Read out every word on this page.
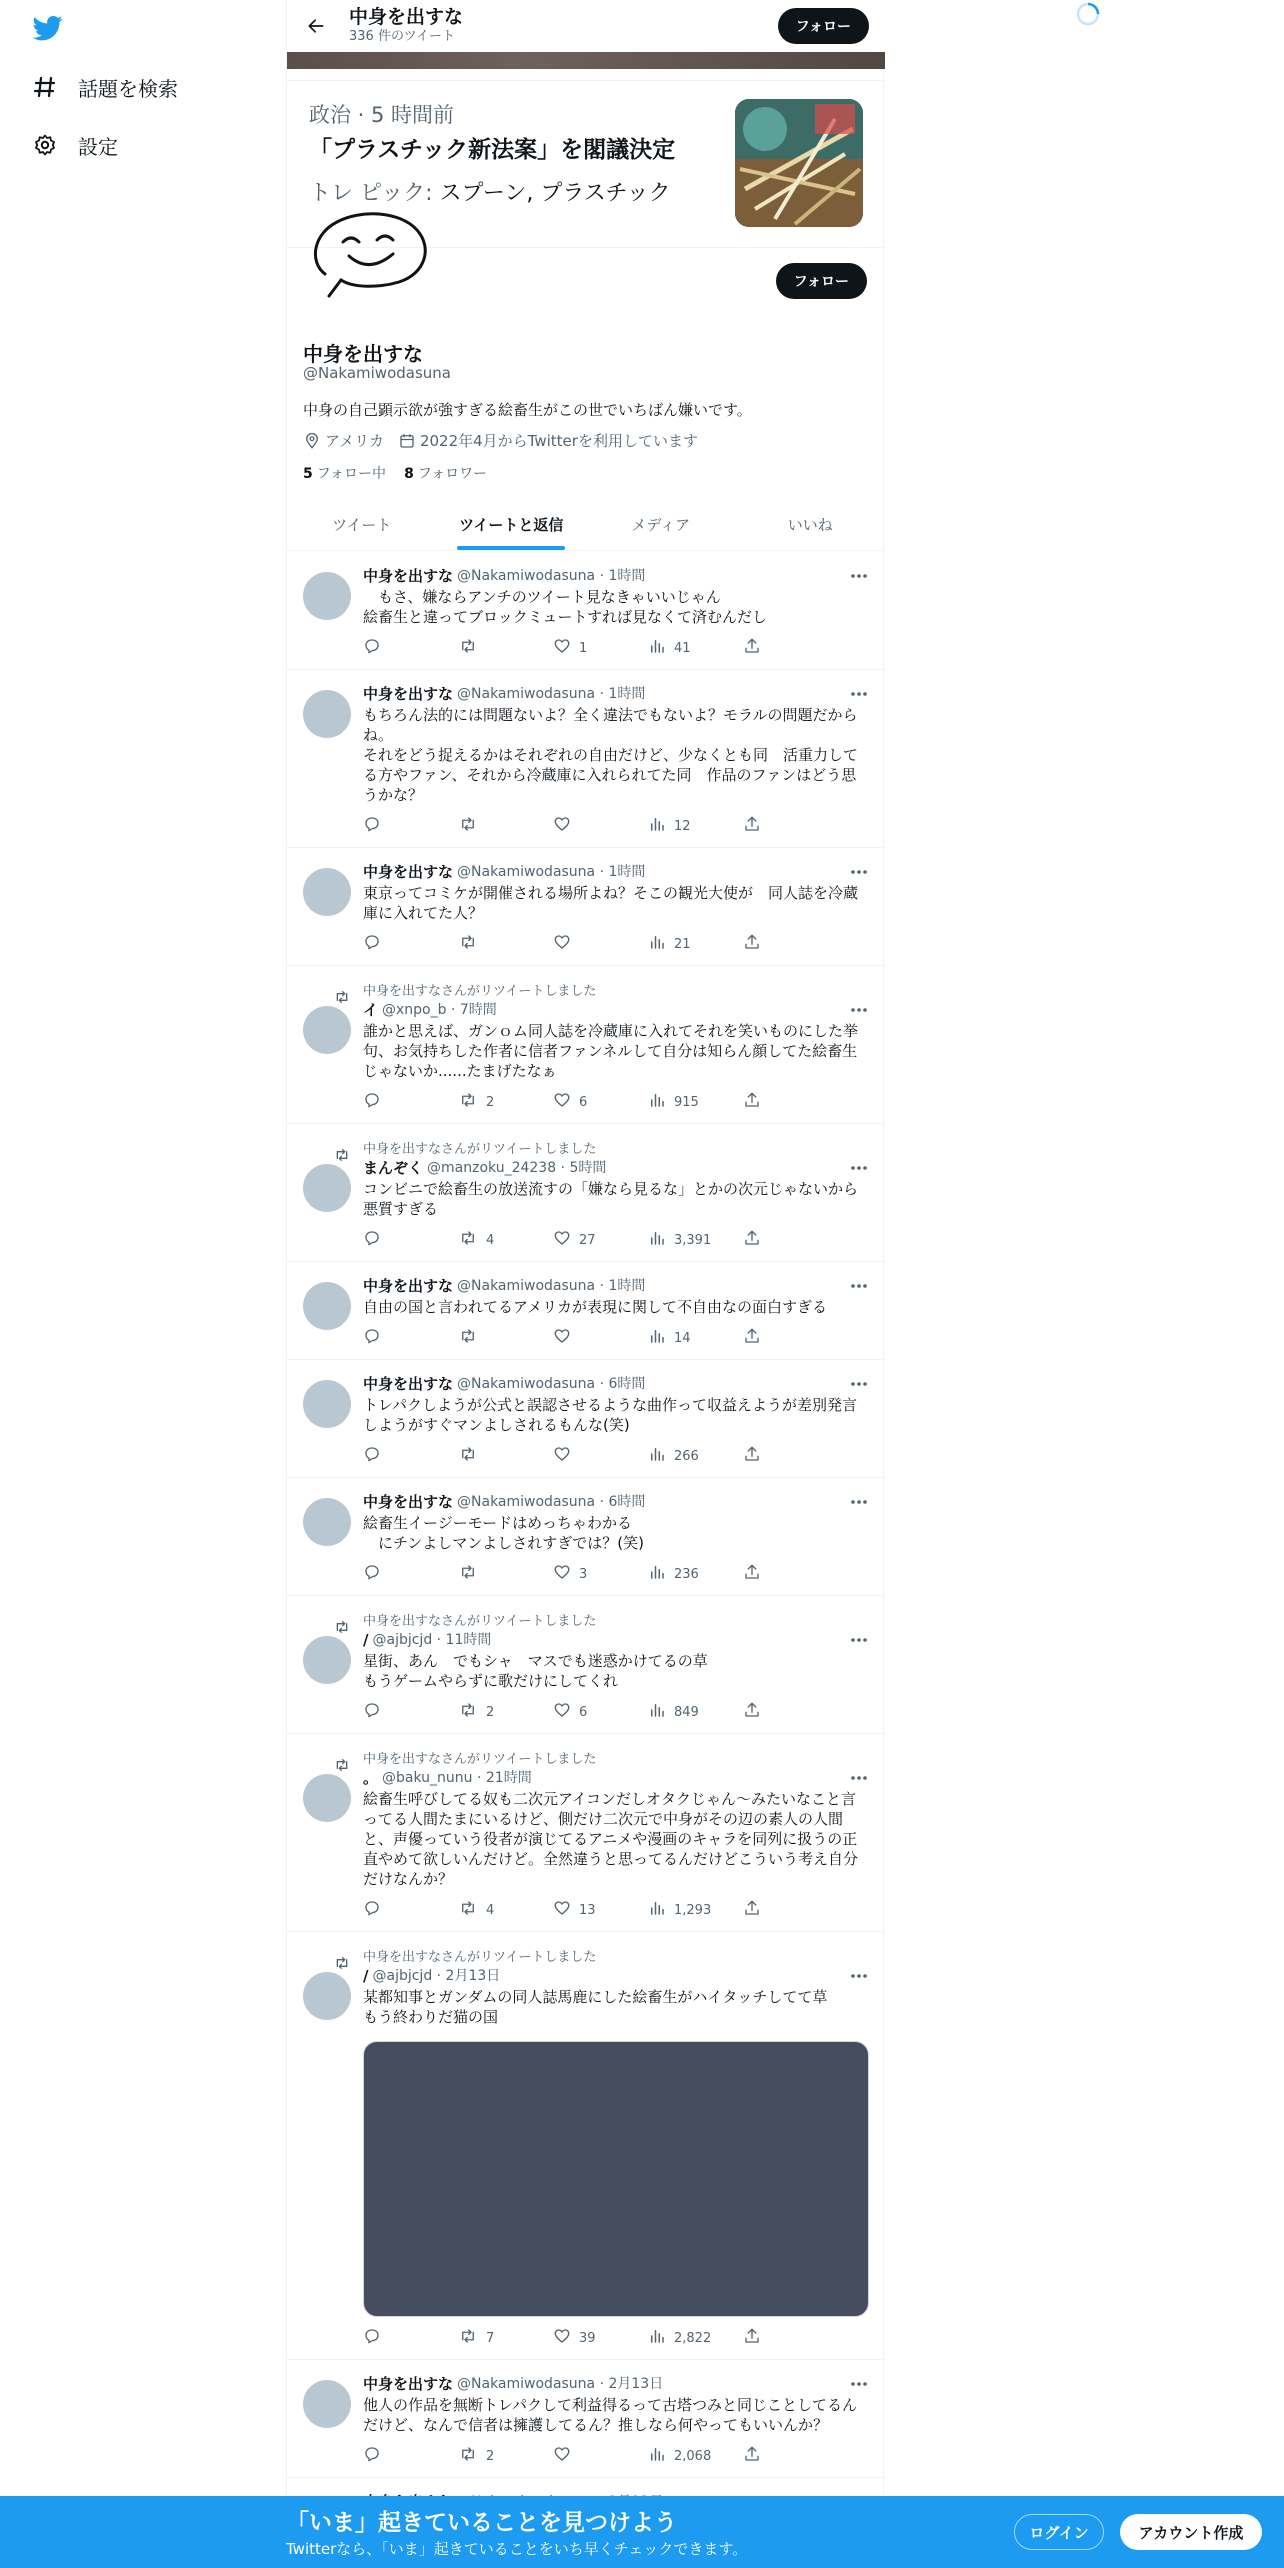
話題を検索
設定
中身を出すな
336 件のツイート
フォロー
政治 · 5 時間前
「プラスチック新法案」を閣議決定
トレ ピック: スプーン, プラスチック
フォロー
中身を出すな
@Nakamiwodasuna
中身の自己顕示欲が強すぎる絵畜生がこの世でいちばん嫌いです。
アメリカ 2022年4月からTwitterを利用しています
5 フォロー中 8 フォロワー
ツイート	ツイートと返信	メディア	いいね
中身を出すな @Nakamiwodasuna · 1時間
　もさ、嫌ならアンチのツイート見なきゃいいじゃん
絵畜生と違ってブロックミュートすれば見なくて済むんだし
1	41
中身を出すな @Nakamiwodasuna · 1時間
もちろん法的には問題ないよ？全く違法でもないよ？モラルの問題だからね。
それをどう捉えるかはそれぞれの自由だけど、少なくとも同　活重力してる方やファン、それから冷蔵庫に入れられてた同　作品のファンはどう思うかな？
12
中身を出すな @Nakamiwodasuna · 1時間
東京ってコミケが開催される場所よね？そこの観光大使が　同人誌を冷蔵庫に入れてた人？
21
中身を出すなさんがリツイートしました
イ @xnpo_b · 7時間
誰かと思えば、ガンｏム同人誌を冷蔵庫に入れてそれを笑いものにした挙句、お気持ちした作者に信者ファンネルして自分は知らん顔してた絵畜生じゃないか......たまげたなぁ
2	6	915
中身を出すなさんがリツイートしました
まんぞく @manzoku_24238 · 5時間
コンビニで絵畜生の放送流すの「嫌なら見るな」とかの次元じゃないから悪質すぎる
4	27	3,391
中身を出すな @Nakamiwodasuna · 1時間
自由の国と言われてるアメリカが表現に関して不自由なの面白すぎる
14
中身を出すな @Nakamiwodasuna · 6時間
トレパクしようが公式と誤認させるような曲作って収益えようが差別発言しようがすぐマンよしされるもんな(笑)
266
中身を出すな @Nakamiwodasuna · 6時間
絵畜生イージーモードはめっちゃわかる
　にチンよしマンよしされすぎでは？(笑)
3	236
中身を出すなさんがリツイートしました
/ @ajbjcjd · 11時間
星街、あん　でもシャ　マスでも迷惑かけてるの草
もうゲームやらずに歌だけにしてくれ
2	6	849
中身を出すなさんがリツイートしました
。 @baku_nunu · 21時間
絵畜生呼びしてる奴も二次元アイコンだしオタクじゃん〜みたいなこと言ってる人間たまにいるけど、側だけ二次元で中身がその辺の素人の人間と、声優っていう役者が演じてるアニメや漫画のキャラを同列に扱うの正直やめて欲しいんだけど。全然違うと思ってるんだけどこういう考え自分だけなんか？
4	13	1,293
中身を出すなさんがリツイートしました
/ @ajbjcjd · 2月13日
某都知事とガンダムの同人誌馬鹿にした絵畜生がハイタッチしてて草
もう終わりだ猫の国
7	39	2,822
中身を出すな @Nakamiwodasuna · 2月13日
他人の作品を無断トレパクして利益得るって古塔つみと同じことしてるんだけど、なんで信者は擁護してるん？推しなら何やってもいいんか？
2	2,068
「いま」起きていることを見つけよう
Twitterなら、「いま」起きていることをいち早くチェックできます。
ログイン	アカウント作成
